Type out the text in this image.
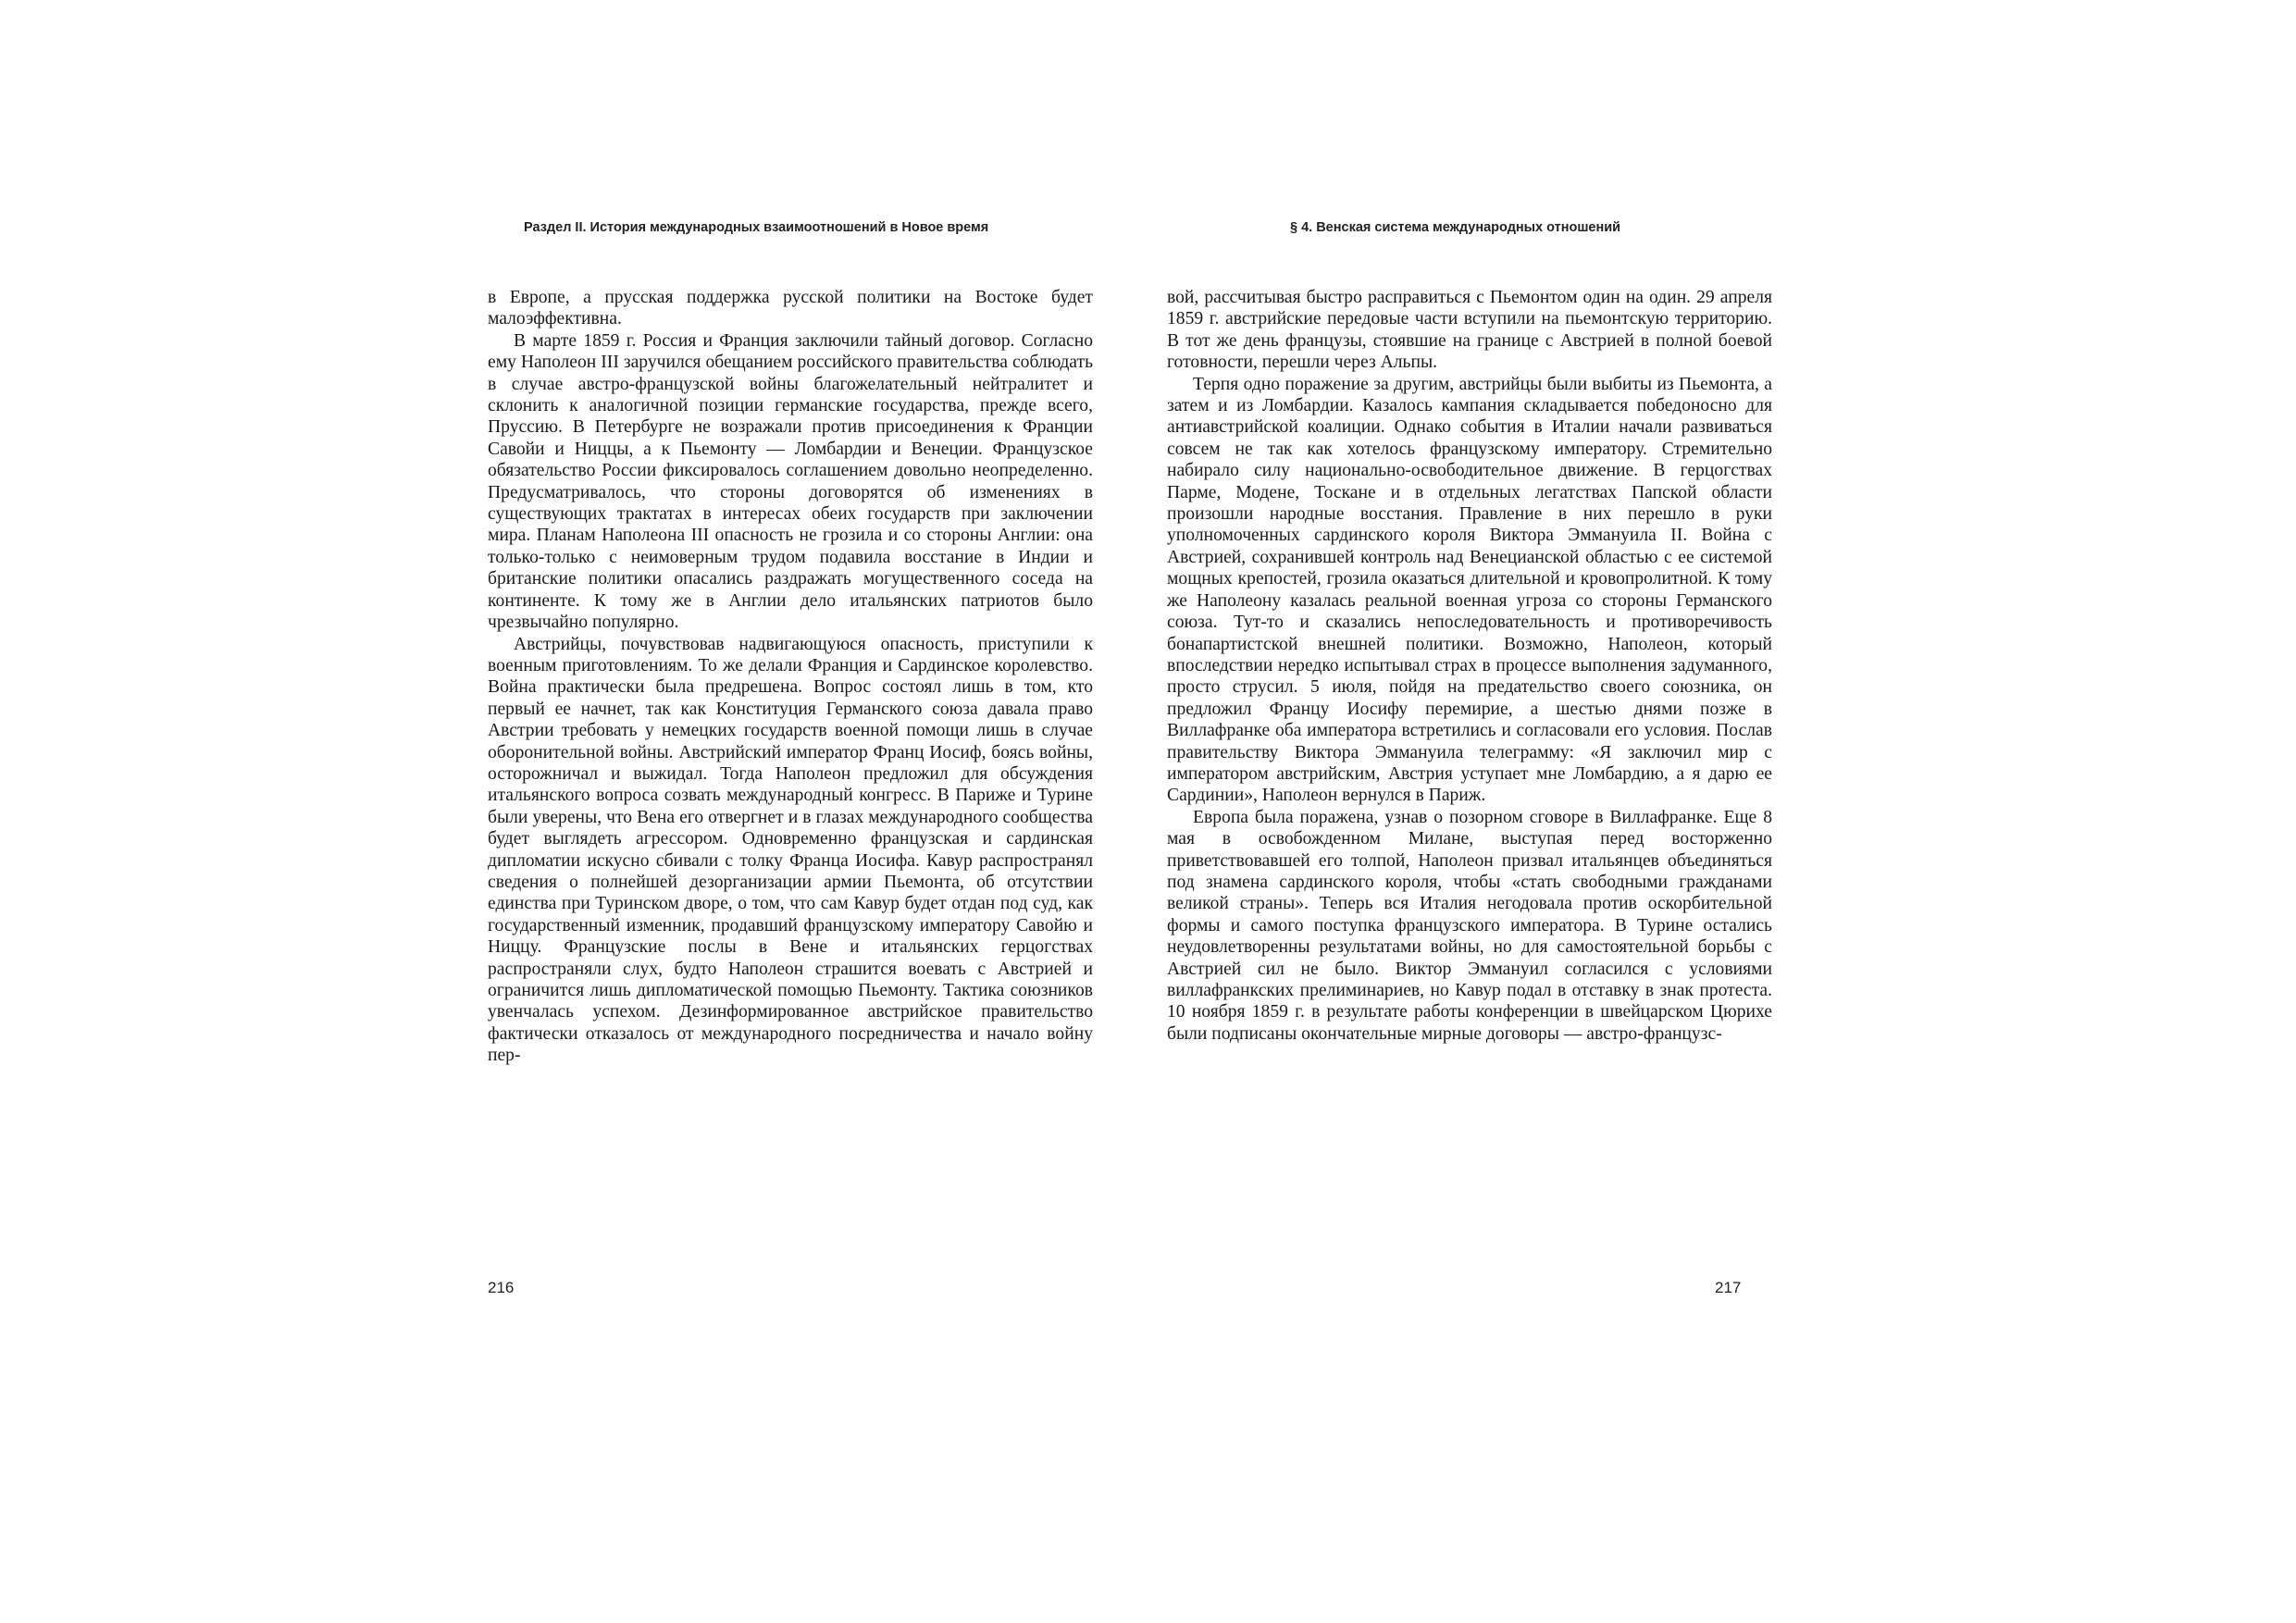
Раздел II. История международных взаимоотношений в Новое время

в Европе, а прусская поддержка русской политики на Востоке будет малоэффективна.

В марте 1859 г. Россия и Франция заключили тайный договор. Согласно ему Наполеон III заручился обещанием российского правительства соблюдать в случае австро-французской войны благожелательный нейтралитет и склонить к аналогичной позиции германские государства, прежде всего, Пруссию. В Петербурге не возражали против присоединения к Франции Савойи и Ниццы, а к Пьемонту — Ломбардии и Венеции. Французское обязательство России фиксировалось соглашением довольно неопределенно. Предусматривалось, что стороны договорятся об изменениях в существующих трактатах в интересах обеих государств при заключении мира. Планам Наполеона III опасность не грозила и со стороны Англии: она только-только с неимоверным трудом подавила восстание в Индии и британские политики опасались раздражать могущественного соседа на континенте. К тому же в Англии дело итальянских патриотов было чрезвычайно популярно.

Австрийцы, почувствовав надвигающуюся опасность, приступили к военным приготовлениям. То же делали Франция и Сардинское королевство. Война практически была предрешена. Вопрос состоял лишь в том, кто первый ее начнет, так как Конституция Германского союза давала право Австрии требовать у немецких государств военной помощи лишь в случае оборонительной войны. Австрийский император Франц Иосиф, боясь войны, осторожничал и выжидал. Тогда Наполеон предложил для обсуждения итальянского вопроса созвать международный конгресс. В Париже и Турине были уверены, что Вена его отвергнет и в глазах международного сообщества будет выглядеть агрессором. Одновременно французская и сардинская дипломатии искусно сбивали с толку Франца Иосифа. Кавур распространял сведения о полнейшей дезорганизации армии Пьемонта, об отсутствии единства при Туринском дворе, о том, что сам Кавур будет отдан под суд, как государственный изменник, продавший французскому императору Савойю и Ниццу. Французские послы в Вене и итальянских герцогствах распространяли слух, будто Наполеон страшится воевать с Австрией и ограничится лишь дипломатической помощью Пьемонту. Тактика союзников увенчалась успехом. Дезинформированное австрийское правительство фактически отказалось от международного посредничества и начало войну пер-

216
§ 4. Венская система международных отношений

вой, рассчитывая быстро расправиться с Пьемонтом один на один. 29 апреля 1859 г. австрийские передовые части вступили на пьемонтскую территорию. В тот же день французы, стоявшие на границе с Австрией в полной боевой готовности, перешли через Альпы.

Терпя одно поражение за другим, австрийцы были выбиты из Пьемонта, а затем и из Ломбардии. Казалось кампания складывается победоносно для антиавстрийской коалиции. Однако события в Италии начали развиваться совсем не так как хотелось французскому императору. Стремительно набирало силу национально-освободительное движение. В герцогствах Парме, Модене, Тоскане и в отдельных легатствах Папской области произошли народные восстания. Правление в них перешло в руки уполномоченных сардинского короля Виктора Эммануила II. Война с Австрией, сохранившей контроль над Венецианской областью с ее системой мощных крепостей, грозила оказаться длительной и кровопролитной. К тому же Наполеону казалась реальной военная угроза со стороны Германского союза. Тут-то и сказались непоследовательность и противоречивость бонапартистской внешней политики. Возможно, Наполеон, который впоследствии нередко испытывал страх в процессе выполнения задуманного, просто струсил. 5 июля, пойдя на предательство своего союзника, он предложил Францу Иосифу перемирие, а шестью днями позже в Виллафранке оба императора встретились и согласовали его условия. Послав правительству Виктора Эммануила телеграмму: «Я заключил мир с императором австрийским, Австрия уступает мне Ломбардию, а я дарю ее Сардинии», Наполеон вернулся в Париж.

Европа была поражена, узнав о позорном сговоре в Виллафранке. Еще 8 мая в освобожденном Милане, выступая перед восторженно приветствовавшей его толпой, Наполеон призвал итальянцев объединяться под знамена сардинского короля, чтобы «стать свободными гражданами великой страны». Теперь вся Италия негодовала против оскорбительной формы и самого поступка французского императора. В Турине остались неудовлетворенны результатами войны, но для самостоятельной борьбы с Австрией сил не было. Виктор Эммануил согласился с условиями виллафранкских прелиминариев, но Кавур подал в отставку в знак протеста. 10 ноября 1859 г. в результате работы конференции в швейцарском Цюрихе были подписаны окончательные мирные договоры — австро-французс-

217
